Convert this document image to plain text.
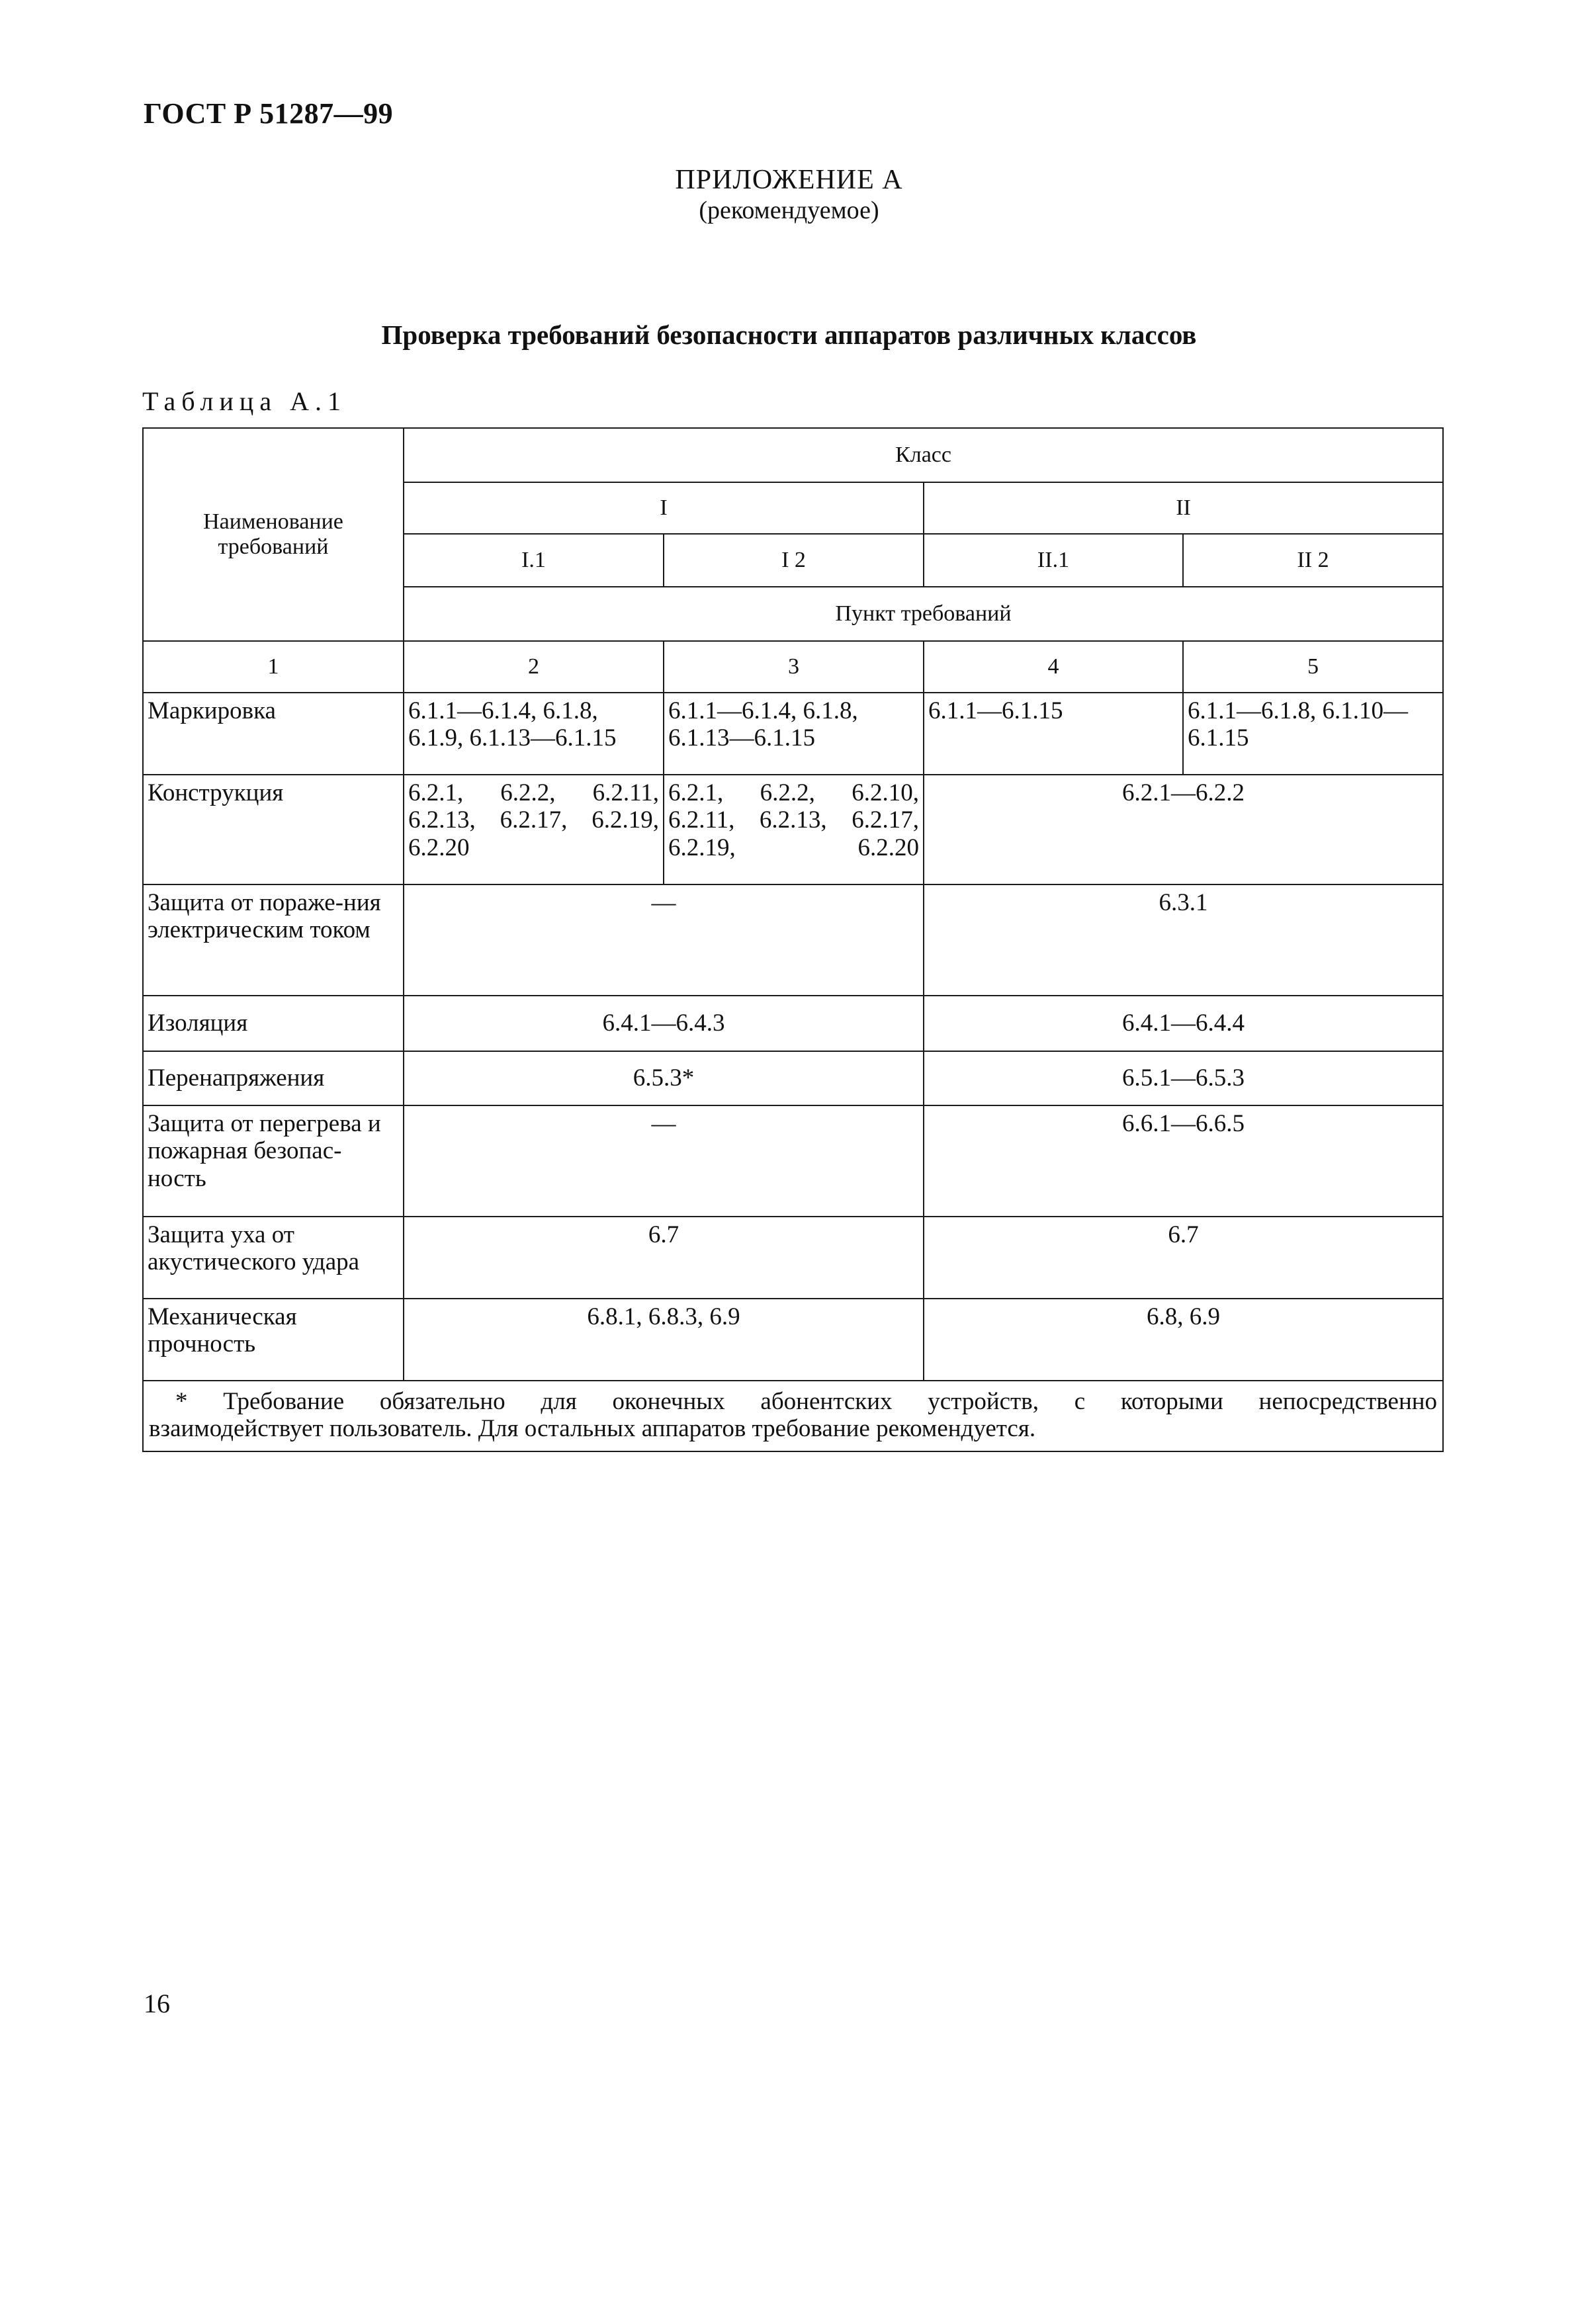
ГОСТ Р 51287—99
ПРИЛОЖЕНИЕ А
(рекомендуемое)
Проверка требований безопасности аппаратов различных классов
Таблица А.1
Наименование требований	Класс			
	I		II	
	I.1	I 2	II.1	II 2
	Пункт требований			
1	2	3	4	5
Маркировка	6.1.1—6.1.4, 6.1.8, 6.1.9, 6.1.13—6.1.15	6.1.1—6.1.4, 6.1.8, 6.1.13—6.1.15	6.1.1—6.1.15	6.1.1—6.1.8, 6.1.10—6.1.15
Конструкция	6.2.1, 6.2.2, 6.2.11, 6.2.13, 6.2.17, 6.2.19, 6.2.20	6.2.1, 6.2.2, 6.2.10, 6.2.11, 6.2.13, 6.2.17, 6.2.19, 6.2.20	6.2.1—6.2.2	
Защита от пораже-ния электрическим током	—		6.3.1	
Изоляция	6.4.1—6.4.3		6.4.1—6.4.4	
Перенапряжения	6.5.3*		6.5.1—6.5.3	
Защита от перегрева и пожарная безопас-ность	—		6.6.1—6.6.5	
Защита уха от акустического удара	6.7		6.7	
Механическая прочность	6.8.1, 6.8.3, 6.9		6.8, 6.9	

* Требование обязательно для оконечных абонентских устройств, с которыми непосредственно
взаимодействует пользователь. Для остальных аппаратов требование рекомендуется.				
16
